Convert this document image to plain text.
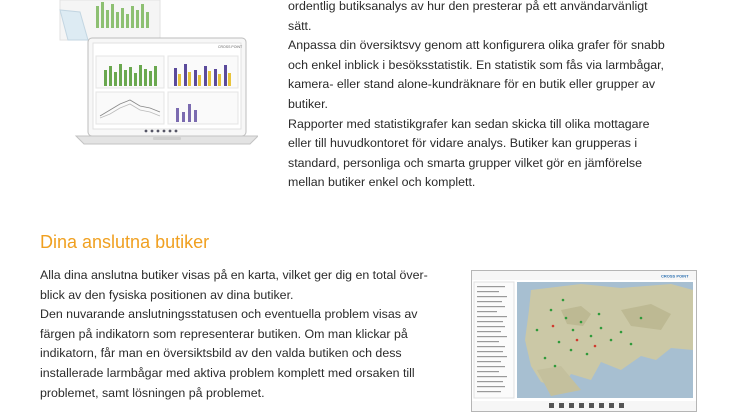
CROSS POINT

ordentlig butiksanalys av hur den presterar på ett användarvänligt
sätt.
Anpassa din översiktsvy genom att konfigurera olika grafer för snabb
och enkel inblick i besöksstatistik. En statistik som fås via larmbågar,
kamera- eller stand alone-kundräknare för en butik eller grupper av
butiker.
Rapporter med statistikgrafer kan sedan skicka till olika mottagare
eller till huvudkontoret för vidare analys. Butiker kan grupperas i
standard, personliga och smarta grupper vilket gör en jämförelse
mellan butiker enkel och komplett.

Dina anslutna butiker

Alla dina anslutna butiker visas på en karta, vilket ger dig en total över-
blick av den fysiska positionen av dina butiker.
Den nuvarande anslutningsstatusen och eventuella problem visas av
färgen på indikatorn som representerar butiken. Om man klickar på
indikatorn, får man en översiktsbild av den valda butiken och dess
installerade larmbågar med aktiva problem komplett med orsaken till
problemet, samt lösningen på problemet.

CROSS POINT
